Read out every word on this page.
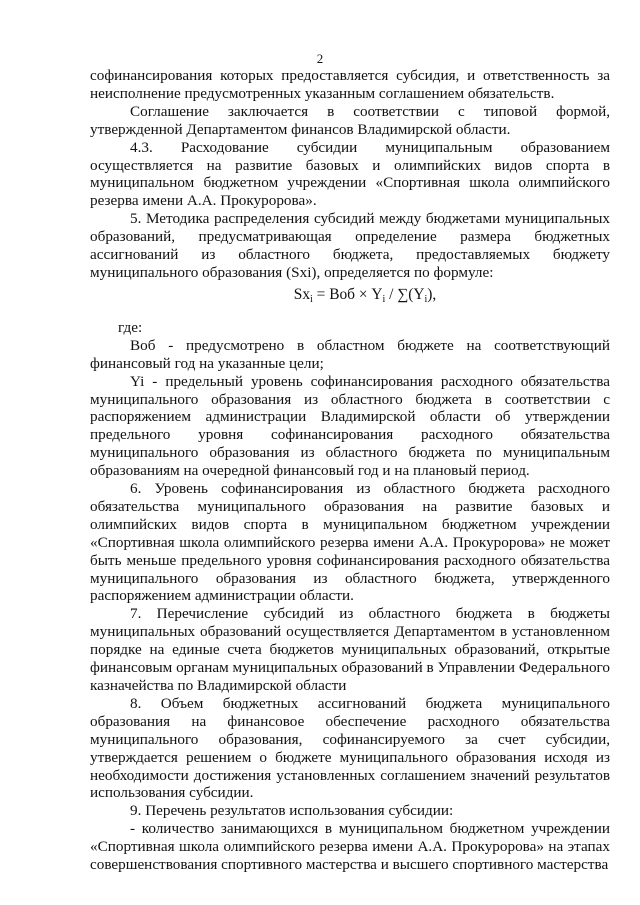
2

софинансирования которых предоставляется субсидия, и ответственность за неисполнение предусмотренных указанным соглашением обязательств.

Соглашение заключается в соответствии с типовой формой, утвержденной Департаментом финансов Владимирской области.

4.3. Расходование субсидии муниципальным образованием осуществляется на развитие базовых и олимпийских видов спорта в муниципальном бюджетном учреждении «Спортивная школа олимпийского резерва имени А.А. Прокуророва».

5. Методика распределения субсидий между бюджетами муниципальных образований, предусматривающая определение размера бюджетных ассигнований из областного бюджета, предоставляемых бюджету муниципального образования (Sxi), определяется по формуле:

$Sx_i$ = Воб × $Y_i / \sum(Y_i)$,

где:

Воб - предусмотрено в областном бюджете на соответствующий финансовый год на указанные цели;

Yi - предельный уровень софинансирования расходного обязательства муниципального образования из областного бюджета в соответствии с распоряжением администрации Владимирской области об утверждении предельного уровня софинансирования расходного обязательства муниципального образования из областного бюджета по муниципальным образованиям на очередной финансовый год и на плановый период.

6. Уровень софинансирования из областного бюджета расходного обязательства муниципального образования на развитие базовых и олимпийских видов спорта в муниципальном бюджетном учреждении «Спортивная школа олимпийского резерва имени А.А. Прокуророва» не может быть меньше предельного уровня софинансирования расходного обязательства муниципального образования из областного бюджета, утвержденного распоряжением администрации области.

7. Перечисление субсидий из областного бюджета в бюджеты муниципальных образований осуществляется Департаментом в установленном порядке на единые счета бюджетов муниципальных образований, открытые финансовым органам муниципальных образований в Управлении Федерального казначейства по Владимирской области

8. Объем бюджетных ассигнований бюджета муниципального образования на финансовое обеспечение расходного обязательства муниципального образования, софинансируемого за счет субсидии, утверждается решением о бюджете муниципального образования исходя из необходимости достижения установленных соглашением значений результатов использования субсидии.

9. Перечень результатов использования субсидии:

- количество занимающихся в муниципальном бюджетном учреждении «Спортивная школа олимпийского резерва имени А.А. Прокуророва» на этапах совершенствования спортивного мастерства и высшего спортивного мастерства
